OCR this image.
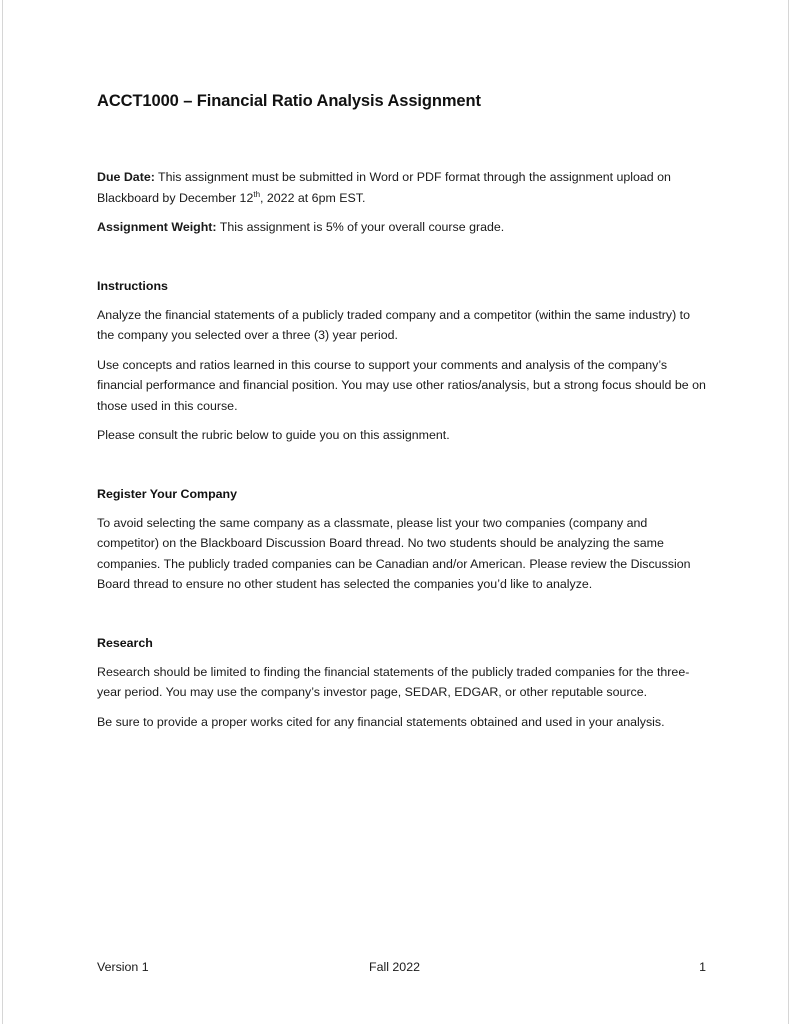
ACCT1000 – Financial Ratio Analysis Assignment

Due Date: This assignment must be submitted in Word or PDF format through the assignment upload on Blackboard by December 12th, 2022 at 6pm EST.

Assignment Weight: This assignment is 5% of your overall course grade.

Instructions

Analyze the financial statements of a publicly traded company and a competitor (within the same industry) to the company you selected over a three (3) year period.

Use concepts and ratios learned in this course to support your comments and analysis of the company’s financial performance and financial position. You may use other ratios/analysis, but a strong focus should be on those used in this course.

Please consult the rubric below to guide you on this assignment.

Register Your Company

To avoid selecting the same company as a classmate, please list your two companies (company and competitor) on the Blackboard Discussion Board thread. No two students should be analyzing the same companies. The publicly traded companies can be Canadian and/or American. Please review the Discussion Board thread to ensure no other student has selected the companies you’d like to analyze.

Research

Research should be limited to finding the financial statements of the publicly traded companies for the three-year period. You may use the company’s investor page, SEDAR, EDGAR, or other reputable source.

Be sure to provide a proper works cited for any financial statements obtained and used in your analysis.

Version 1	Fall 2022	1
